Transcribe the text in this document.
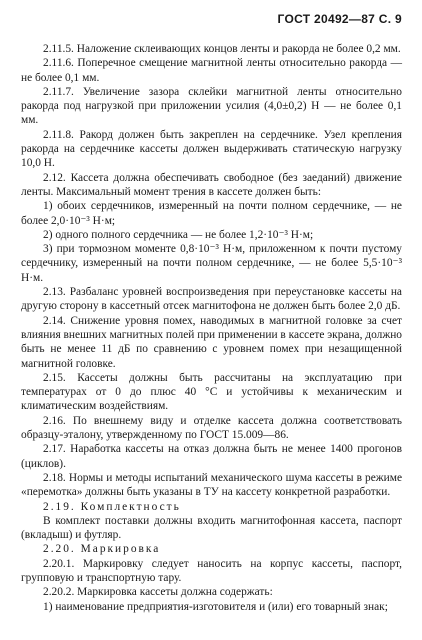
ГОСТ 20492—87 С. 9

2.11.5. Наложение склеивающих концов ленты и ракорда не более 0,2 мм.

2.11.6. Поперечное смещение магнитной ленты относительно ракорда — не более 0,1 мм.

2.11.7. Увеличение зазора склейки магнитной ленты относительно ракорда под нагрузкой при приложении усилия (4,0±0,2) Н — не более 0,1 мм.

2.11.8. Ракорд должен быть закреплен на сердечнике. Узел крепления ракорда на сердечнике кассеты должен выдерживать статическую нагрузку 10,0 Н.

2.12. Кассета должна обеспечивать свободное (без заеданий) движение ленты. Максимальный момент трения в кассете должен быть:

1) обоих сердечников, измеренный на почти полном сердечнике, — не более 2,0·10⁻³ Н·м;

2) одного полного сердечника — не более 1,2·10⁻³ Н·м;

3) при тормозном моменте 0,8·10⁻³ Н·м, приложенном к почти пустому сердечнику, измеренный на почти полном сердечнике, — не более 5,5·10⁻³ Н·м.

2.13. Разбаланс уровней воспроизведения при переустановке кассеты на другую сторону в кассетный отсек магнитофона не должен быть более 2,0 дБ.

2.14. Снижение уровня помех, наводимых в магнитной головке за счет влияния внешних магнитных полей при применении в кассете экрана, должно быть не менее 11 дБ по сравнению с уровнем помех при незащищенной магнитной головке.

2.15. Кассеты должны быть рассчитаны на эксплуатацию при температурах от 0 до плюс 40 °С и устойчивы к механическим и климатическим воздействиям.

2.16. По внешнему виду и отделке кассета должна соответствовать образцу-эталону, утвержденному по ГОСТ 15.009—86.

2.17. Наработка кассеты на отказ должна быть не менее 1400 прогонов (циклов).

2.18. Нормы и методы испытаний механического шума кассеты в режиме «перемотка» должны быть указаны в ТУ на кассету конкретной разработки.

2.19. Комплектность

В комплект поставки должны входить магнитофонная кассета, паспорт (вкладыш) и футляр.

2.20. Маркировка

2.20.1. Маркировку следует наносить на корпус кассеты, паспорт, групповую и транспортную тару.

2.20.2. Маркировка кассеты должна содержать:

1) наименование предприятия-изготовителя и (или) его товарный знак;
